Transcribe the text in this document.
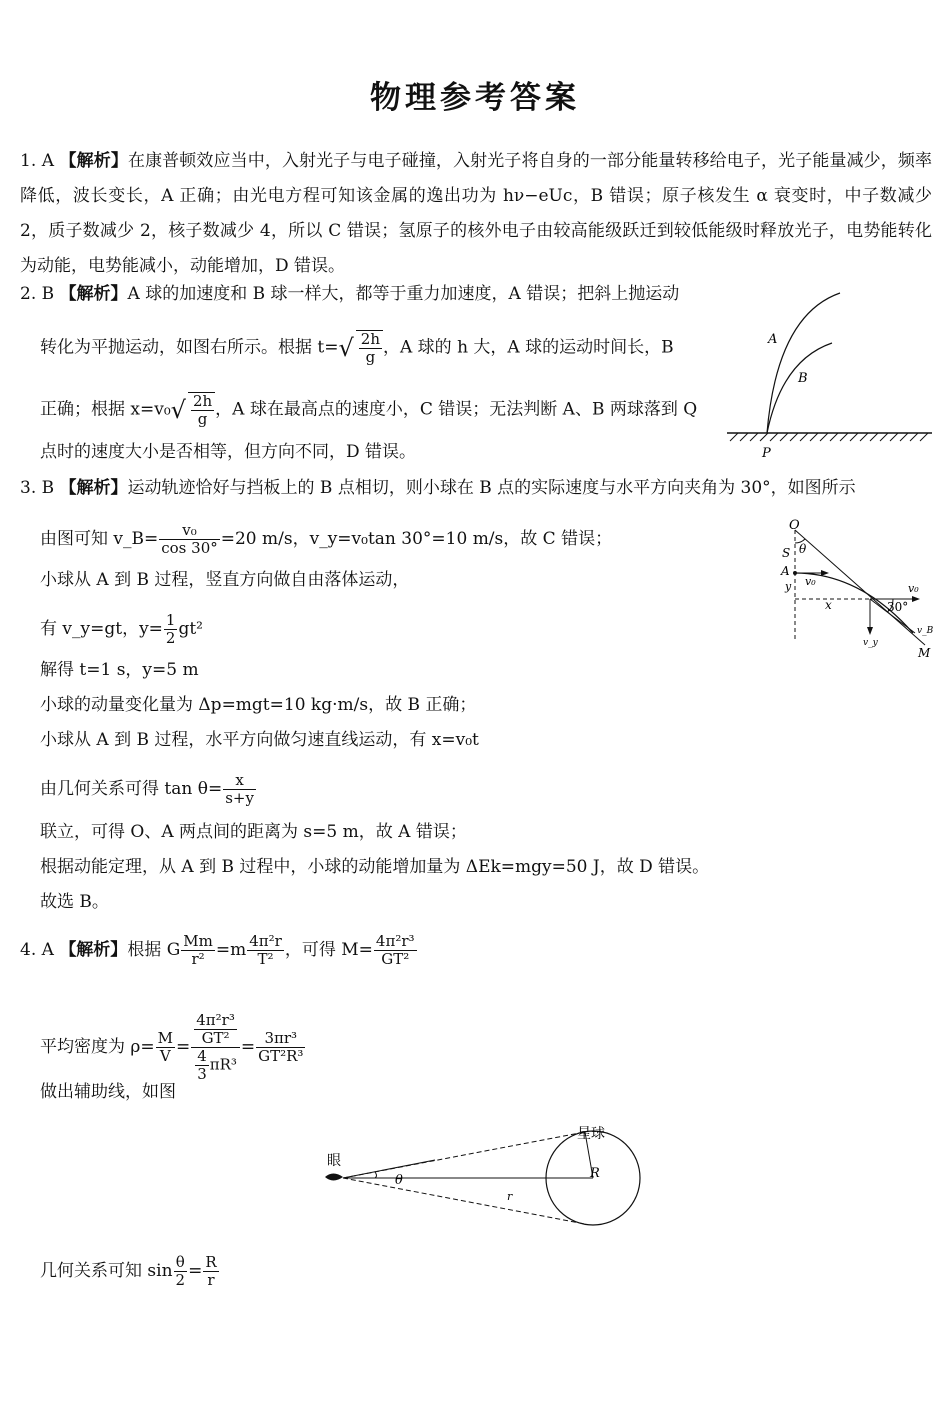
物理参考答案
1. A 【解析】在康普顿效应当中，入射光子与电子碰撞，入射光子将自身的一部分能量转移给电子，光子能量减少，频率降低，波长变长，A 正确；由光电方程可知该金属的逸出功为 hν−eUc，B 错误；原子核发生 α 衰变时，中子数减少 2，质子数减少 2，核子数减少 4，所以 C 错误；氢原子的核外电子由较高能级跃迁到较低能级时释放光子，电势能转化为动能，电势能减小，动能增加，D 错误。
2. B 【解析】A 球的加速度和 B 球一样大，都等于重力加速度，A 错误；把斜上抛运动
转化为平抛运动，如图右所示。根据 $t=√ \frac{2h}{g}$ ，A 球的 h 大，A 球的运动时间长，B
正确；根据 $x=v_0√ \frac{2h}{g}$ ，A 球在最高点的速度小，C 错误；无法判断 A、B 两球落到 Q
点时的速度大小是否相等，但方向不同，D 错误。
A
B
P
3. B 【解析】运动轨迹恰好与挡板上的 B 点相切，则小球在 B 点的实际速度与水平方向夹角为 30°，如图所示
由图可知 v_B= $\frac{\text{v₀}}{\cos 30^\circ} =20$ m/s，v_y=v₀tan 30°=10 m/s，故 C 错误；
小球从 A 到 B 过程，竖直方向做自由落体运动，
有 v_y=gt，$y= \frac{1}{2} gt^2$
解得 t=1 s，y=5 m
小球的动量变化量为 Δp=mgt=10 kg·m/s，故 B 正确；
小球从 A 到 B 过程，水平方向做匀速直线运动，有 x=v₀t
由几何关系可得 $\tan \theta= \frac{x}{s+y}$
联立，可得 O、A 两点间的距离为 s=5 m，故 A 错误；
根据动能定理，从 A 到 B 过程中，小球的动能增加量为 ΔEk=mgy=50 J，故 D 错误。
故选 B。
O
θ
S
A
y v₀
x
v₀
30°
v_B
v_y
M
4. A 【解析】根据 G $\frac{Mm}{\text{r²}} =m \frac{\text{4π²r}}{\text{T²}}$ ，可得 $M= \frac{\text{4π²r³}}{\text{GT²}}$
平均密度为 $\rho= \frac{M}{V} = \frac{\frac{\text{4π²r³}}{\text{GT²}}}{\frac{4}{3} \pi R^3} = \frac{\text{3πr³}}{\text{GT²R³}}$
做出辅助线，如图
眼
星球
θ
r
R
几何关系可知 $\sin \frac{\theta}{2} = \frac{R}{r}$
